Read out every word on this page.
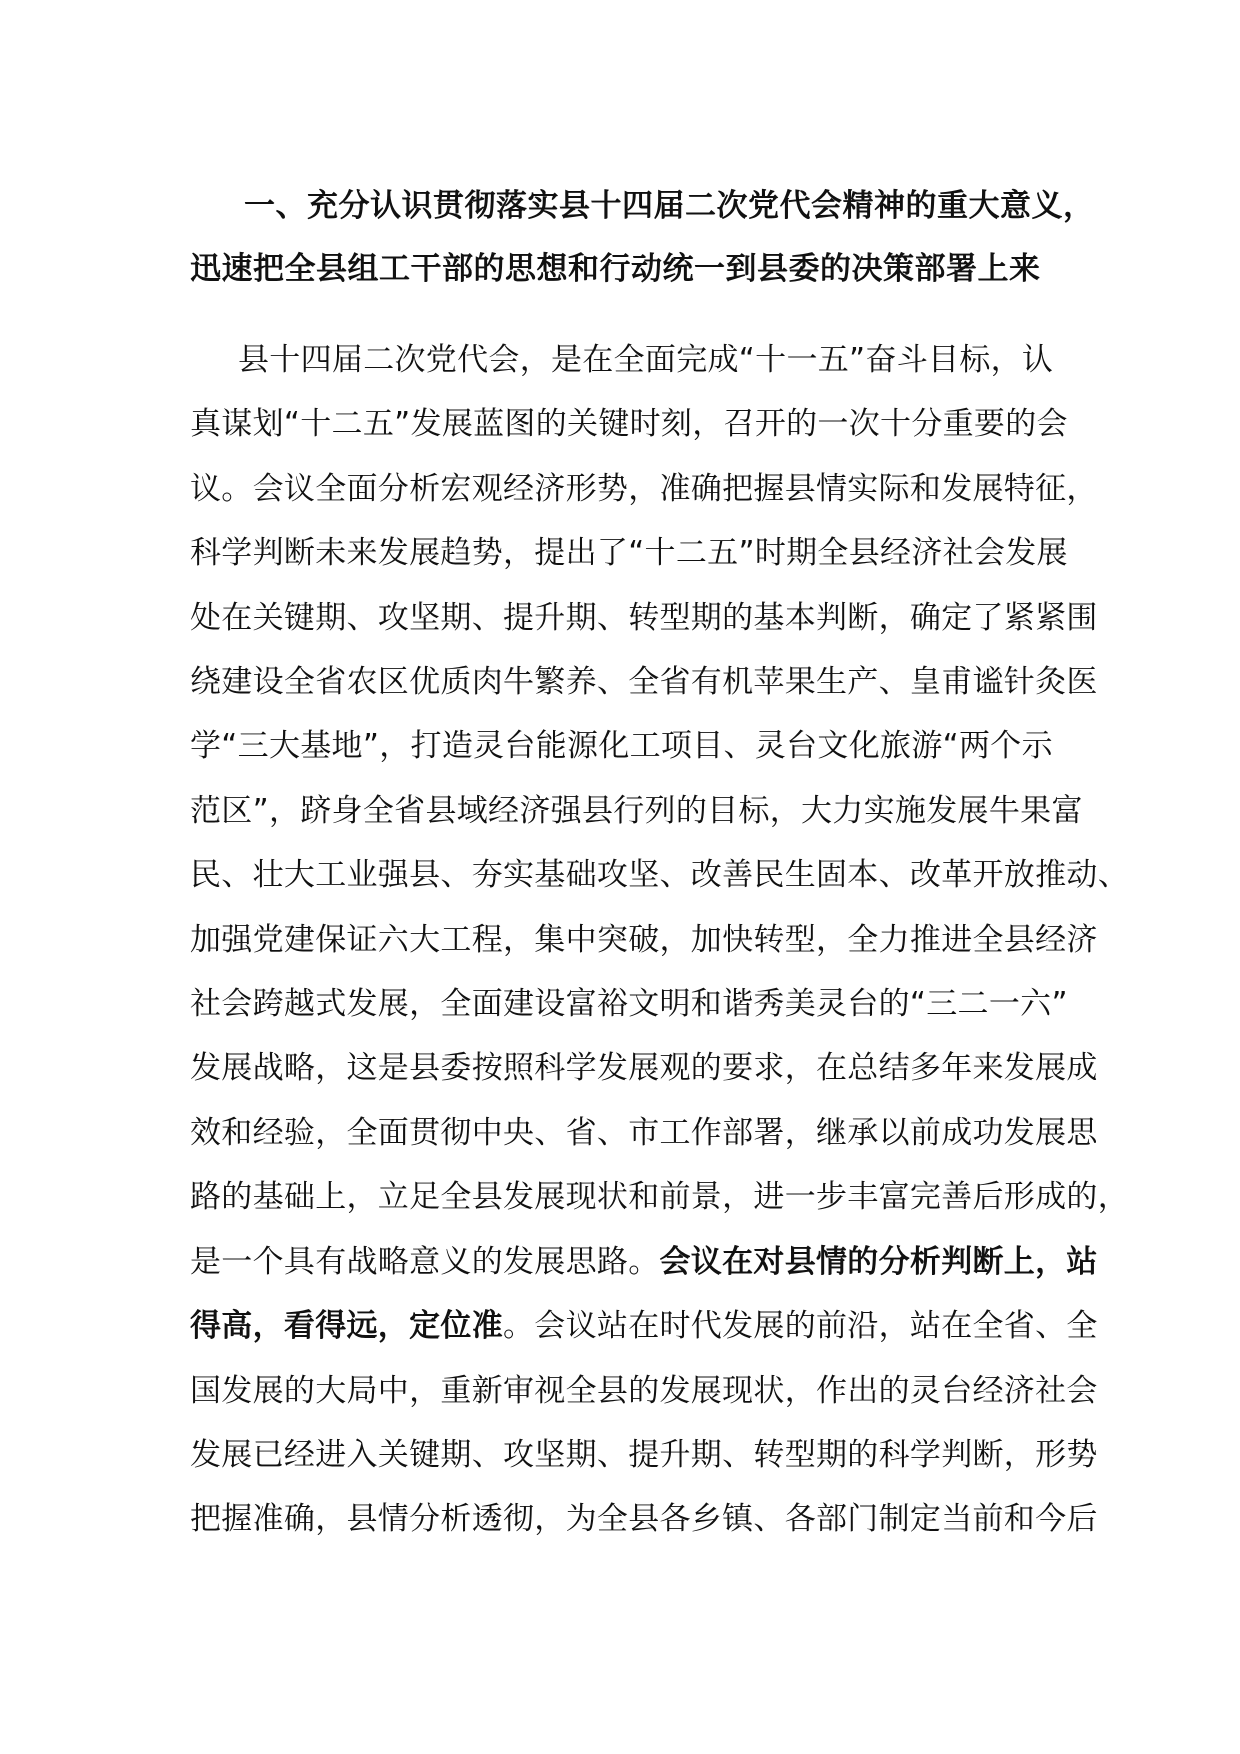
一、充分认识贯彻落实县十四届二次党代会精神的重大意义，
迅速把全县组工干部的思想和行动统一到县委的决策部署上来
县十四届二次党代会，是在全面完成“十一五”奋斗目标，认
真谋划“十二五”发展蓝图的关键时刻，召开的一次十分重要的会
议。会议全面分析宏观经济形势，准确把握县情实际和发展特征，
科学判断未来发展趋势，提出了“十二五”时期全县经济社会发展
处在关键期、攻坚期、提升期、转型期的基本判断，确定了紧紧围
绕建设全省农区优质肉牛繁养、全省有机苹果生产、皇甫谧针灸医
学“三大基地”，打造灵台能源化工项目、灵台文化旅游“两个示
范区”，跻身全省县域经济强县行列的目标，大力实施发展牛果富
民、壮大工业强县、夯实基础攻坚、改善民生固本、改革开放推动、
加强党建保证六大工程，集中突破，加快转型，全力推进全县经济
社会跨越式发展，全面建设富裕文明和谐秀美灵台的“三二一六”
发展战略，这是县委按照科学发展观的要求，在总结多年来发展成
效和经验，全面贯彻中央、省、市工作部署，继承以前成功发展思
路的基础上，立足全县发展现状和前景，进一步丰富完善后形成的，
是一个具有战略意义的发展思路。会议在对县情的分析判断上，站
得高，看得远，定位准。会议站在时代发展的前沿，站在全省、全
国发展的大局中，重新审视全县的发展现状，作出的灵台经济社会
发展已经进入关键期、攻坚期、提升期、转型期的科学判断，形势
把握准确，县情分析透彻，为全县各乡镇、各部门制定当前和今后
